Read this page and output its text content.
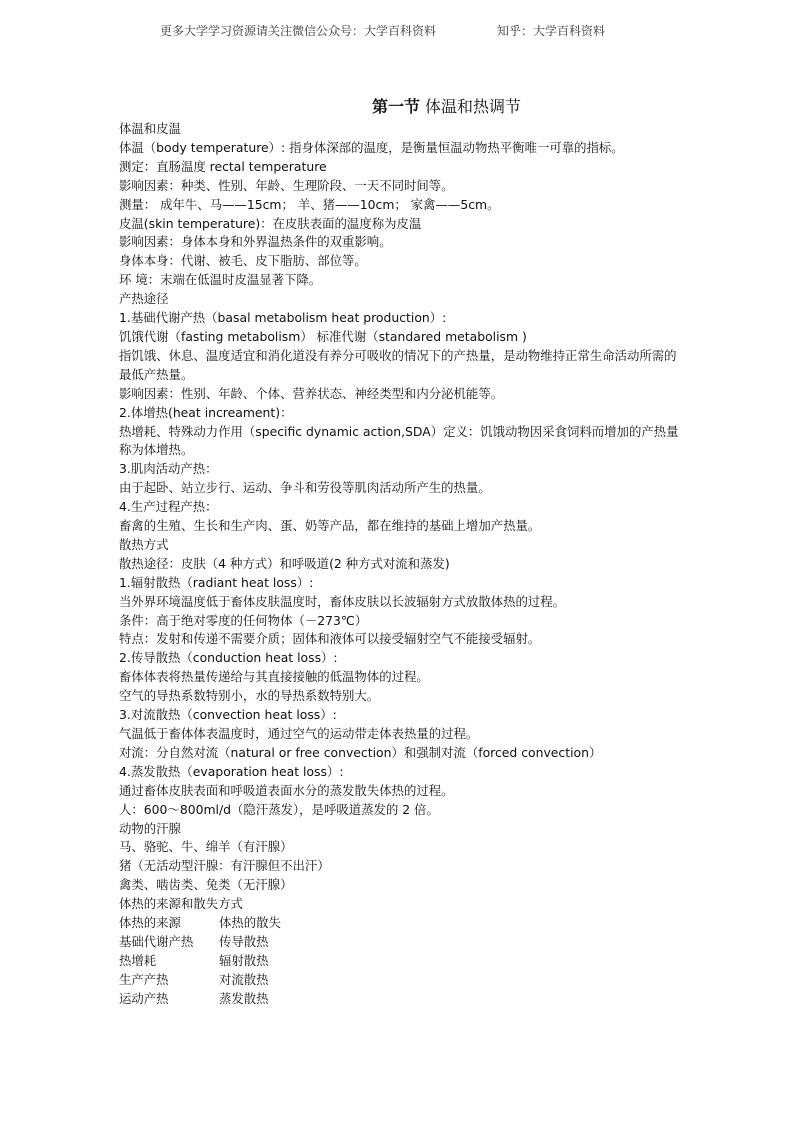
更多大学学习资源请关注微信公众号：大学百科资料	知乎：大学百科资料
第一节 体温和热调节

体温和皮温

体温（body temperature）: 指身体深部的温度，是衡量恒温动物热平衡唯一可靠的指标。

测定：直肠温度 rectal temperature

影响因素：种类、性别、年龄、生理阶段、一天不同时间等。

测量： 成年牛、马——15cm； 羊、猪——10cm； 家禽——5cm。

皮温(skin temperature)：在皮肤表面的温度称为皮温

影响因素：身体本身和外界温热条件的双重影响。

身体本身：代谢、被毛、皮下脂肪、部位等。

环 境：末端在低温时皮温显著下降。

产热途径

1.基础代谢产热（basal metabolism heat production）:

饥饿代谢（fasting metabolism） 标准代谢（standared metabolism )

指饥饿、休息、温度适宜和消化道没有养分可吸收的情况下的产热量，是动物维持正常生命活动所需的最低产热量。

影响因素：性别、年龄、个体、营养状态、神经类型和内分泌机能等。

2.体增热(heat increament)：

热增耗、特殊动力作用（specific dynamic action,SDA）定义：饥饿动物因采食饲料而增加的产热量称为体增热。

3.肌肉活动产热：

由于起卧、站立步行、运动、争斗和劳役等肌肉活动所产生的热量。

4.生产过程产热：

畜禽的生殖、生长和生产肉、蛋、奶等产品，都在维持的基础上增加产热量。

散热方式

散热途径：皮肤（4 种方式）和呼吸道(2 种方式对流和蒸发)

1.辐射散热（radiant heat loss）:

当外界环境温度低于畜体皮肤温度时，畜体皮肤以长波辐射方式放散体热的过程。

条件：高于绝对零度的任何物体（－273℃）

特点：发射和传递不需要介质；固体和液体可以接受辐射空气不能接受辐射。

2.传导散热（conduction heat loss）:

畜体体表将热量传递给与其直接接触的低温物体的过程。

空气的导热系数特别小，水的导热系数特别大。

3.对流散热（convection heat loss）:

气温低于畜体体表温度时，通过空气的运动带走体表热量的过程。

对流：分自然对流（natural or free convection）和强制对流（forced convection）

4.蒸发散热（evaporation heat loss）:

通过畜体皮肤表面和呼吸道表面水分的蒸发散失体热的过程。

人：600～800ml/d（隐汗蒸发），是呼吸道蒸发的 2 倍。

动物的汗腺

马、骆驼、牛、绵羊（有汗腺）

猪（无活动型汗腺：有汗腺但不出汗）

禽类、啮齿类、兔类（无汗腺）

体热的来源和散失方式

体热的来源	体热的散失
基础代谢产热	传导散热
热增耗	辐射散热
生产产热	对流散热
运动产热	蒸发散热
